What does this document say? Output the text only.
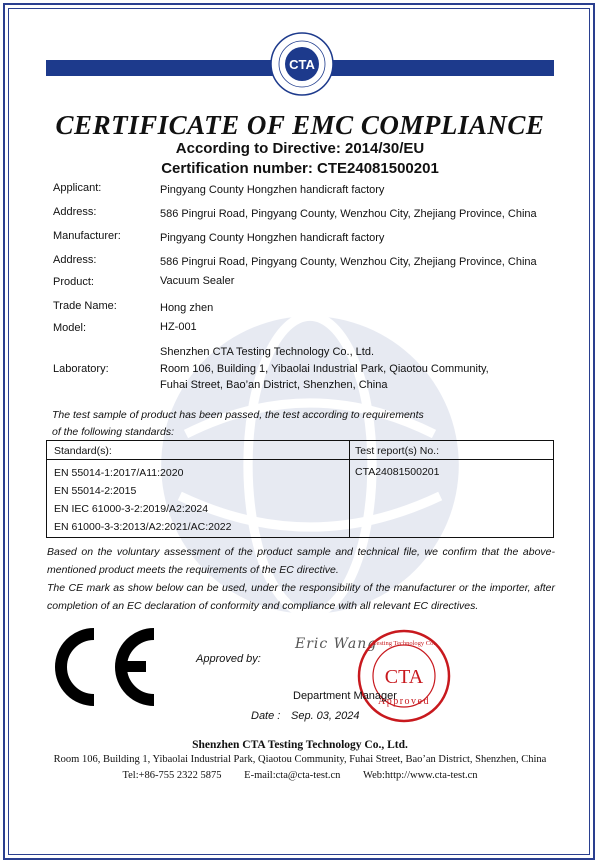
CTA
CERTIFICATE OF EMC COMPLIANCE
According to Directive: 2014/30/EU
Certification number: CTE24081500201
Applicant:	Pingyang County Hongzhen handicraft factory
Address:	586 Pingrui Road, Pingyang County, Wenzhou City, Zhejiang Province, China
Manufacturer:	Pingyang County Hongzhen handicraft factory
Address:	586 Pingrui Road, Pingyang County, Wenzhou City, Zhejiang Province, China
Product:	Vacuum Sealer
Trade Name:	Hong zhen
Model:	HZ-001
Laboratory:
Shenzhen CTA Testing Technology Co., Ltd.
Room 106, Building 1, Yibaolai Industrial Park, Qiaotou Community,
Fuhai Street, Bao’an District, Shenzhen, China
The test sample of product has been passed, the test according to requirements
of the following standards:
Standard(s):	Test report(s) No.:
EN 55014-1:2017/A11:2020
EN 55014-2:2015
EN IEC 61000-3-2:2019/A2:2024
EN 61000-3-3:2013/A2:2021/AC:2022
CTA24081500201
Based on the voluntary assessment of the product sample and technical file, we confirm that the above-mentioned product meets the requirements of the EC directive.
The CE mark as show below can be used, under the responsibility of the manufacturer or the importer, after completion of an EC declaration of conformity and compliance with all relevant EC directives.
Approved by:
Eric Wang
CTA
Approved
Testing Technology Co.
Department Manager
Date : Sep. 03, 2024
Shenzhen CTA Testing Technology Co., Ltd.
Room 106, Building 1, Yibaolai Industrial Park, Qiaotou Community, Fuhai Street, Bao’an District, Shenzhen, China
Tel:+86-755 2322 5875 E-mail:cta@cta-test.cn Web:http://www.cta-test.cn
